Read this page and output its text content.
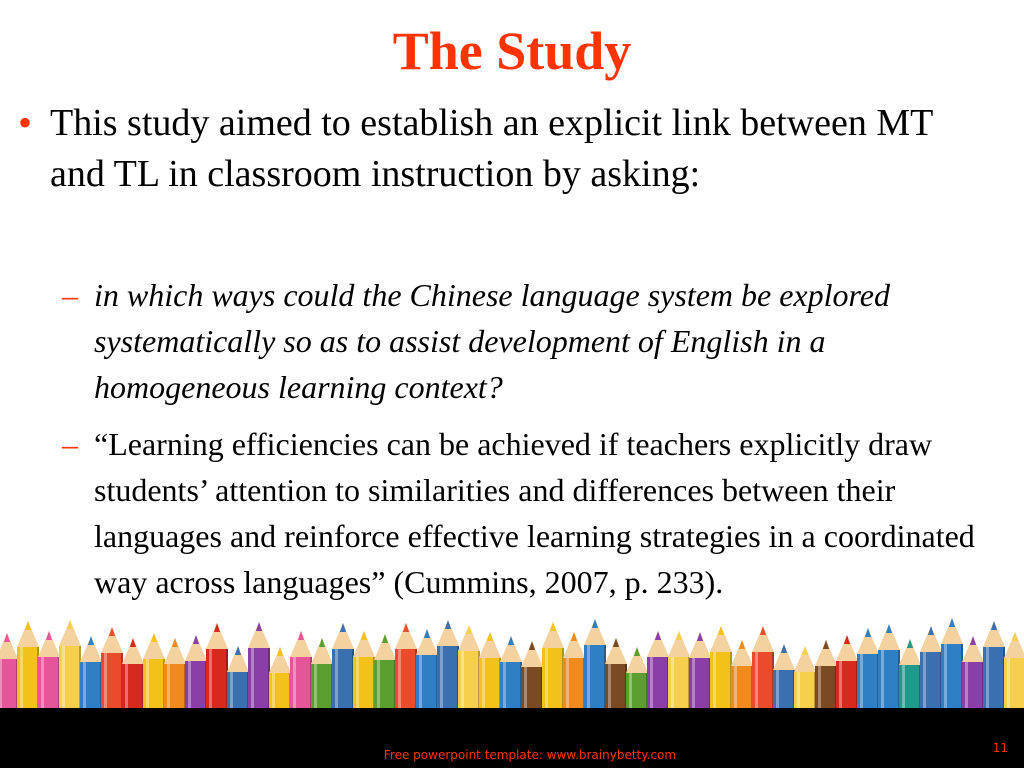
The Study
• This study aimed to establish an explicit link between MT and TL in classroom instruction by asking:
– in which ways could the Chinese language system be explored systematically so as to assist development of English in a homogeneous learning context?
– “Learning efficiencies can be achieved if teachers explicitly draw students’ attention to similarities and differences between their languages and reinforce effective learning strategies in a coordinated way across languages” (Cummins, 2007, p. 233).
Free powerpoint template: www.brainybetty.com	11
